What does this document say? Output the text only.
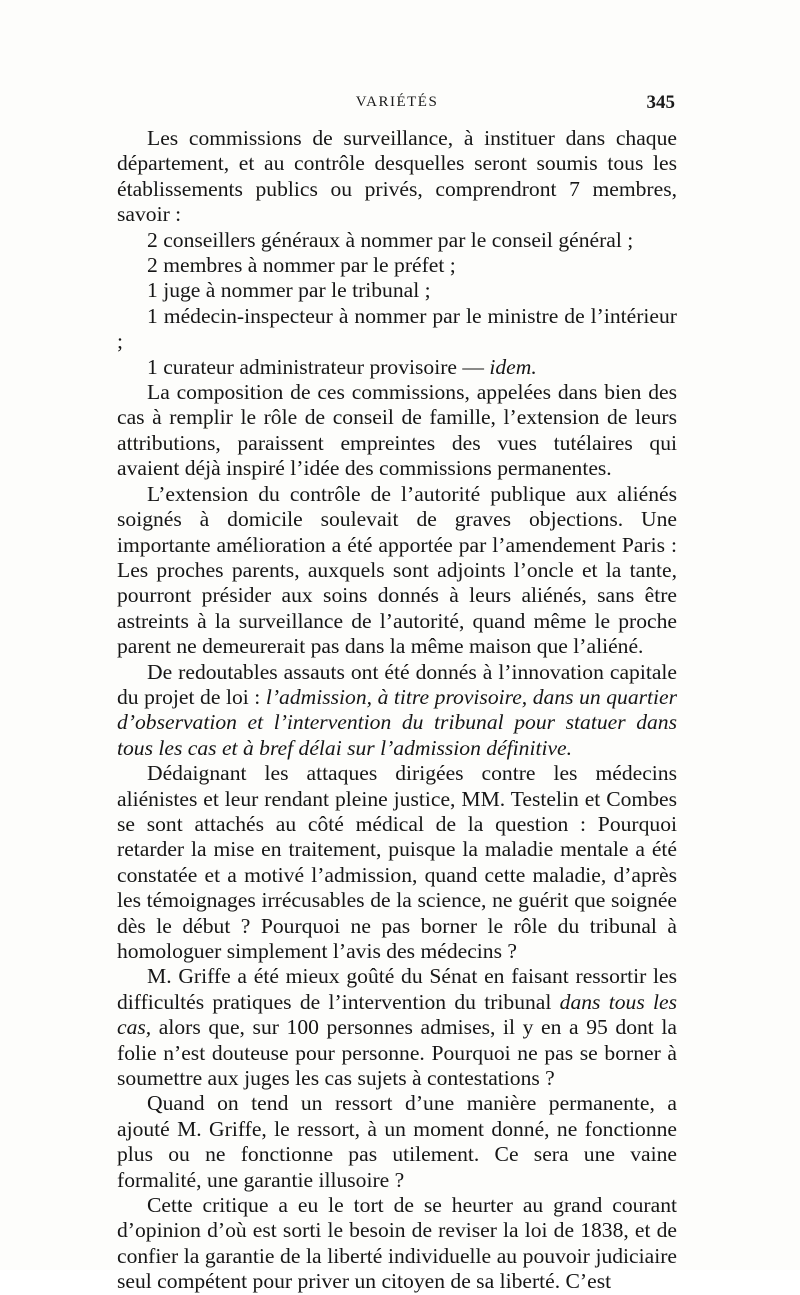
VARIÉTÉS	345

Les commissions de surveillance, à instituer dans chaque département, et au contrôle desquelles seront soumis tous les établissements publics ou privés, comprendront 7 membres, savoir :

2 conseillers généraux à nommer par le conseil général ;

2 membres à nommer par le préfet ;

1 juge à nommer par le tribunal ;

1 médecin-inspecteur à nommer par le ministre de l’intérieur ;

1 curateur administrateur provisoire — idem.

La composition de ces commissions, appelées dans bien des cas à remplir le rôle de conseil de famille, l’extension de leurs attributions, paraissent empreintes des vues tutélaires qui avaient déjà inspiré l’idée des commissions permanentes.

L’extension du contrôle de l’autorité publique aux aliénés soignés à domicile soulevait de graves objections. Une importante amélioration a été apportée par l’amendement Paris : Les proches parents, auxquels sont adjoints l’oncle et la tante, pourront présider aux soins donnés à leurs aliénés, sans être astreints à la surveillance de l’autorité, quand même le proche parent ne demeurerait pas dans la même maison que l’aliéné.

De redoutables assauts ont été donnés à l’innovation capitale du projet de loi : l’admission, à titre provisoire, dans un quartier d’observation et l’intervention du tribunal pour statuer dans tous les cas et à bref délai sur l’admission définitive.

Dédaignant les attaques dirigées contre les médecins aliénistes et leur rendant pleine justice, MM. Testelin et Combes se sont attachés au côté médical de la question : Pourquoi retarder la mise en traitement, puisque la maladie mentale a été constatée et a motivé l’admission, quand cette maladie, d’après les témoignages irrécusables de la science, ne guérit que soignée dès le début ? Pourquoi ne pas borner le rôle du tribunal à homologuer simplement l’avis des médecins ?

M. Griffe a été mieux goûté du Sénat en faisant ressortir les difficultés pratiques de l’intervention du tribunal dans tous les cas, alors que, sur 100 personnes admises, il y en a 95 dont la folie n’est douteuse pour personne. Pourquoi ne pas se borner à soumettre aux juges les cas sujets à contestations ?

Quand on tend un ressort d’une manière permanente, a ajouté M. Griffe, le ressort, à un moment donné, ne fonctionne plus ou ne fonctionne pas utilement. Ce sera une vaine formalité, une garantie illusoire ?

Cette critique a eu le tort de se heurter au grand courant d’opinion d’où est sorti le besoin de reviser la loi de 1838, et de confier la garantie de la liberté individuelle au pouvoir judiciaire seul compétent pour priver un citoyen de sa liberté. C’est
